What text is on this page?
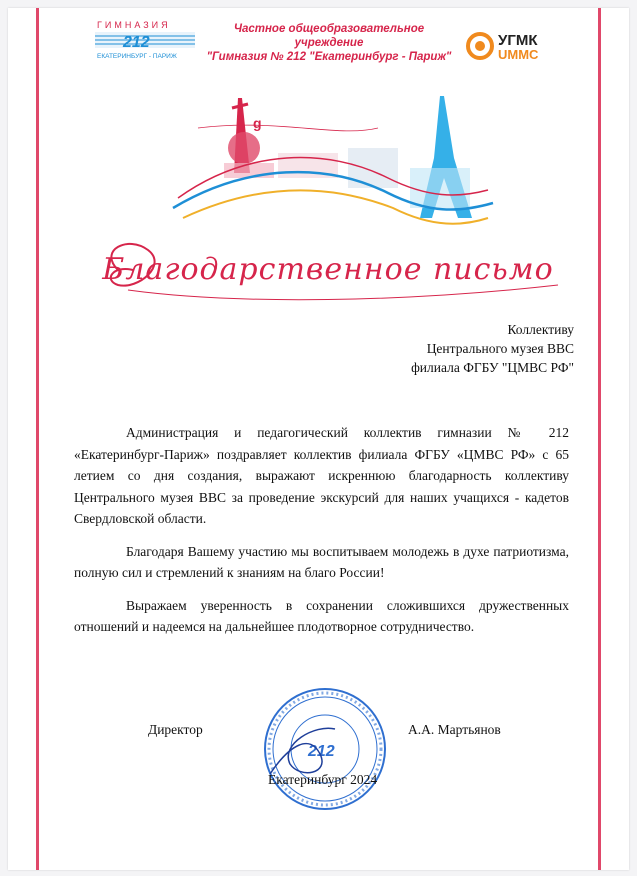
ГИМНАЗИЯ
212
ЕКАТЕРИНБУРГ - ПАРИЖ
Частное общеобразовательное учреждение
"Гимназия № 212 "Екатеринбург - Париж"
УГМК
UMMC
g
Благодарственное письмо
Коллективу
Центрального музея ВВС
филиала ФГБУ "ЦМВС РФ"

Администрация и педагогический коллектив гимназии № 212 «Екатеринбург-Париж» поздравляет коллектив филиала ФГБУ «ЦМВС РФ» с 65 летием со дня создания, выражают искреннюю благодарность коллективу Центрального музея ВВС за проведение экскурсий для наших учащихся - кадетов Свердловской области.

Благодаря Вашему участию мы воспитываем молодежь в духе патриотизма, полную сил и стремлений к знаниям на благо России!

Выражаем уверенность в сохранении сложившихся дружественных отношений и надеемся на дальнейшее плодотворное сотрудничество.

212
Директор	А.А. Мартьянов
Екатеринбург 2024
